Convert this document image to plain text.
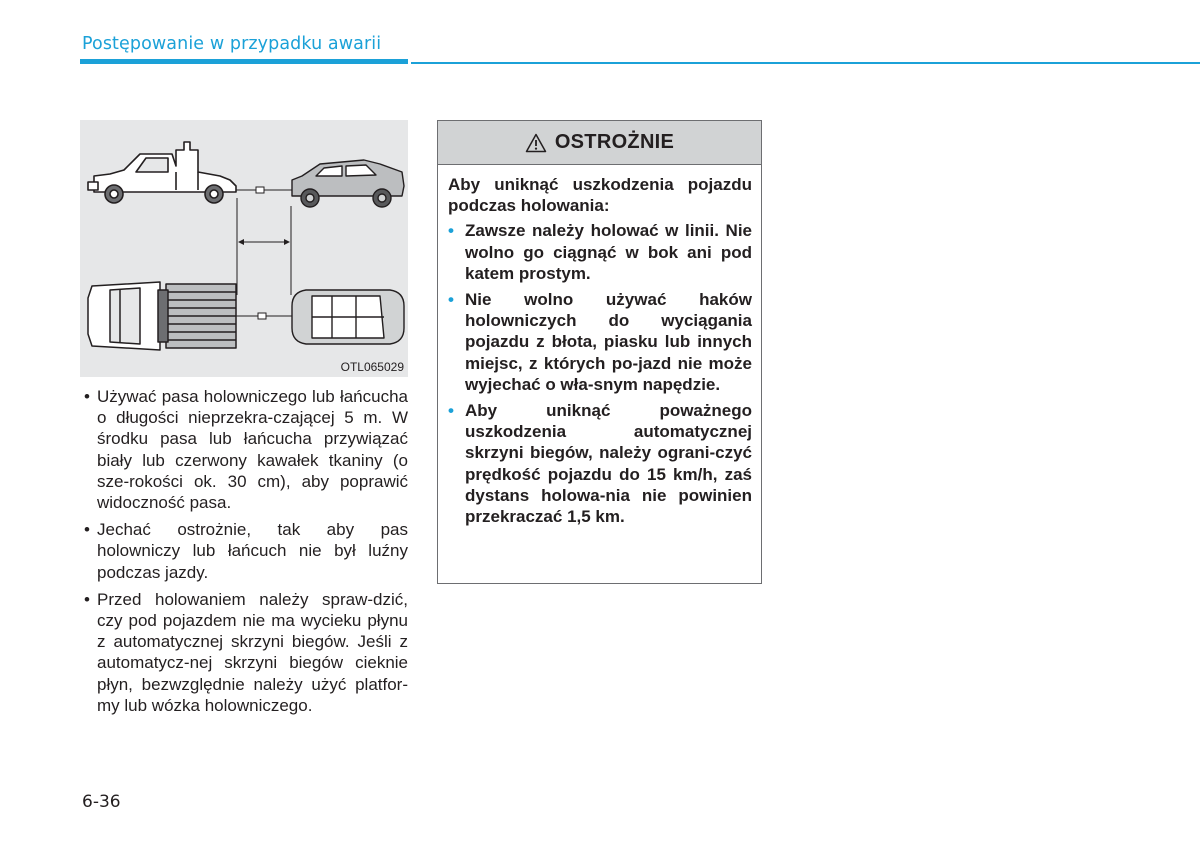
Postępowanie w przypadku awarii
OTL065029
• Używać pasa holowniczego lub łańcucha o długości nieprzekra-czającej 5 m. W środku pasa lub łańcucha przywiązać biały lub czerwony kawałek tkaniny (o sze-rokości ok. 30 cm), aby poprawić widoczność pasa.
• Jechać ostrożnie, tak aby pas holowniczy lub łańcuch nie był luźny podczas jazdy.
• Przed holowaniem należy spraw-dzić, czy pod pojazdem nie ma wycieku płynu z automatycznej skrzyni biegów. Jeśli z automatycz-nej skrzyni biegów cieknie płyn, bezwzględnie należy użyć platfor-my lub wózka holowniczego.
OSTROŻNIE
Aby uniknąć uszkodzenia pojazdu podczas holowania:
• Zawsze należy holować w linii. Nie wolno go ciągnąć w bok ani pod katem prostym.
• Nie wolno używać haków holowniczych do wyciągania pojazdu z błota, piasku lub innych miejsc, z których po-jazd nie może wyjechać o wła-snym napędzie.
• Aby uniknąć poważnego uszkodzenia automatycznej skrzyni biegów, należy ograni-czyć prędkość pojazdu do 15 km/h, zaś dystans holowa-nia nie powinien przekraczać 1,5 km.
6-36
